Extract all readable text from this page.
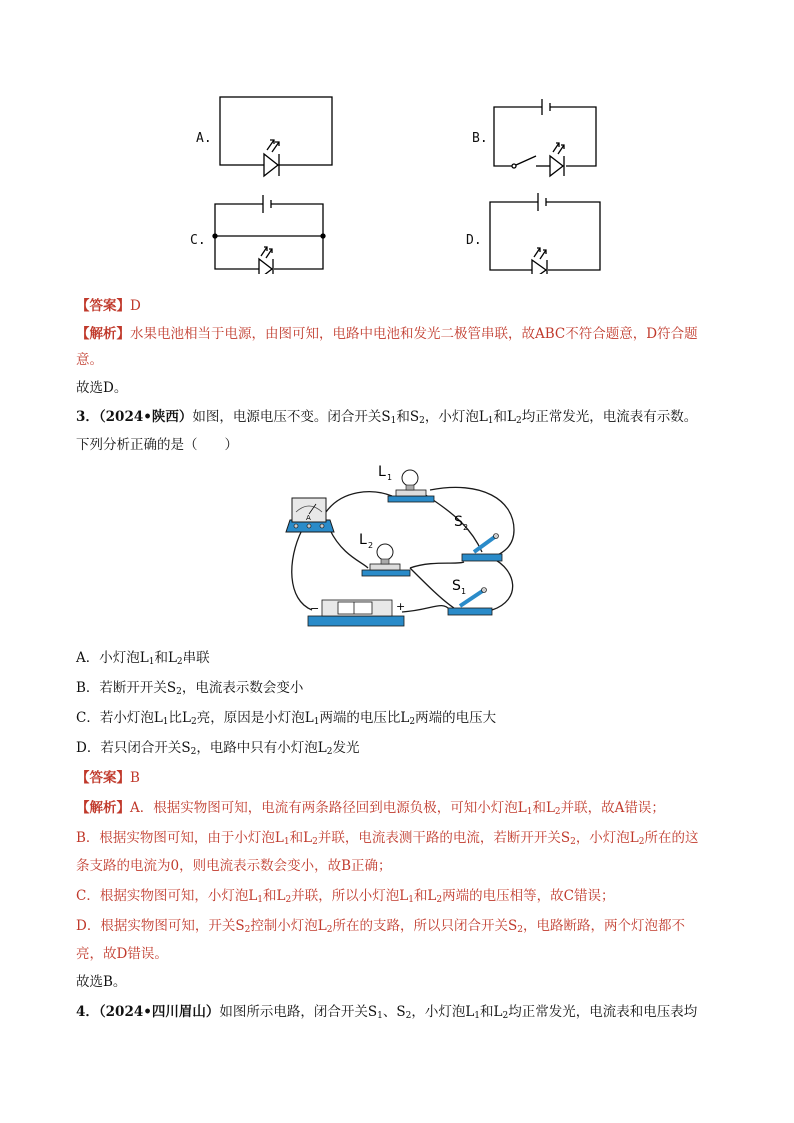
A.	B.
C.	D.
【答案】D
【解析】水果电池相当于电源，由图可知，电路中电池和发光二极管串联，故ABC不符合题意，D符合题
意。
故选D。
3．（2024•陕西）如图，电源电压不变。闭合开关$S_1$和$S_2$，小灯泡$L_1$和$L_2$均正常发光，电流表有示数。
下列分析正确的是（　　）
A
L 1
L 2
S 2
S 1
−	+
A．小灯泡$L_1$和$L_2$串联
B．若断开开关$S_2$，电流表示数会变小
C．若小灯泡$L_1$比$L_2$亮，原因是小灯泡$L_1$两端的电压比$L_2$两端的电压大
D．若只闭合开关$S_2$，电路中只有小灯泡$L_2$发光
【答案】B
【解析】A．根据实物图可知，电流有两条路径回到电源负极，可知小灯泡$L_1$和$L_2$并联，故A错误；
B．根据实物图可知，由于小灯泡$L_1$和$L_2$并联，电流表测干路的电流，若断开开关$S_2$，小灯泡$L_2$所在的这
条支路的电流为0，则电流表示数会变小，故B正确；
C．根据实物图可知，小灯泡$L_1$和$L_2$并联，所以小灯泡$L_1$和$L_2$两端的电压相等，故C错误；
D．根据实物图可知，开关$S_2$控制小灯泡$L_2$所在的支路，所以只闭合开关$S_2$，电路断路，两个灯泡都不
亮，故D错误。
故选B。
4．（2024•四川眉山）如图所示电路，闭合开关$S_1$、$S_2$，小灯泡$L_1$和$L_2$均正常发光，电流表和电压表均
